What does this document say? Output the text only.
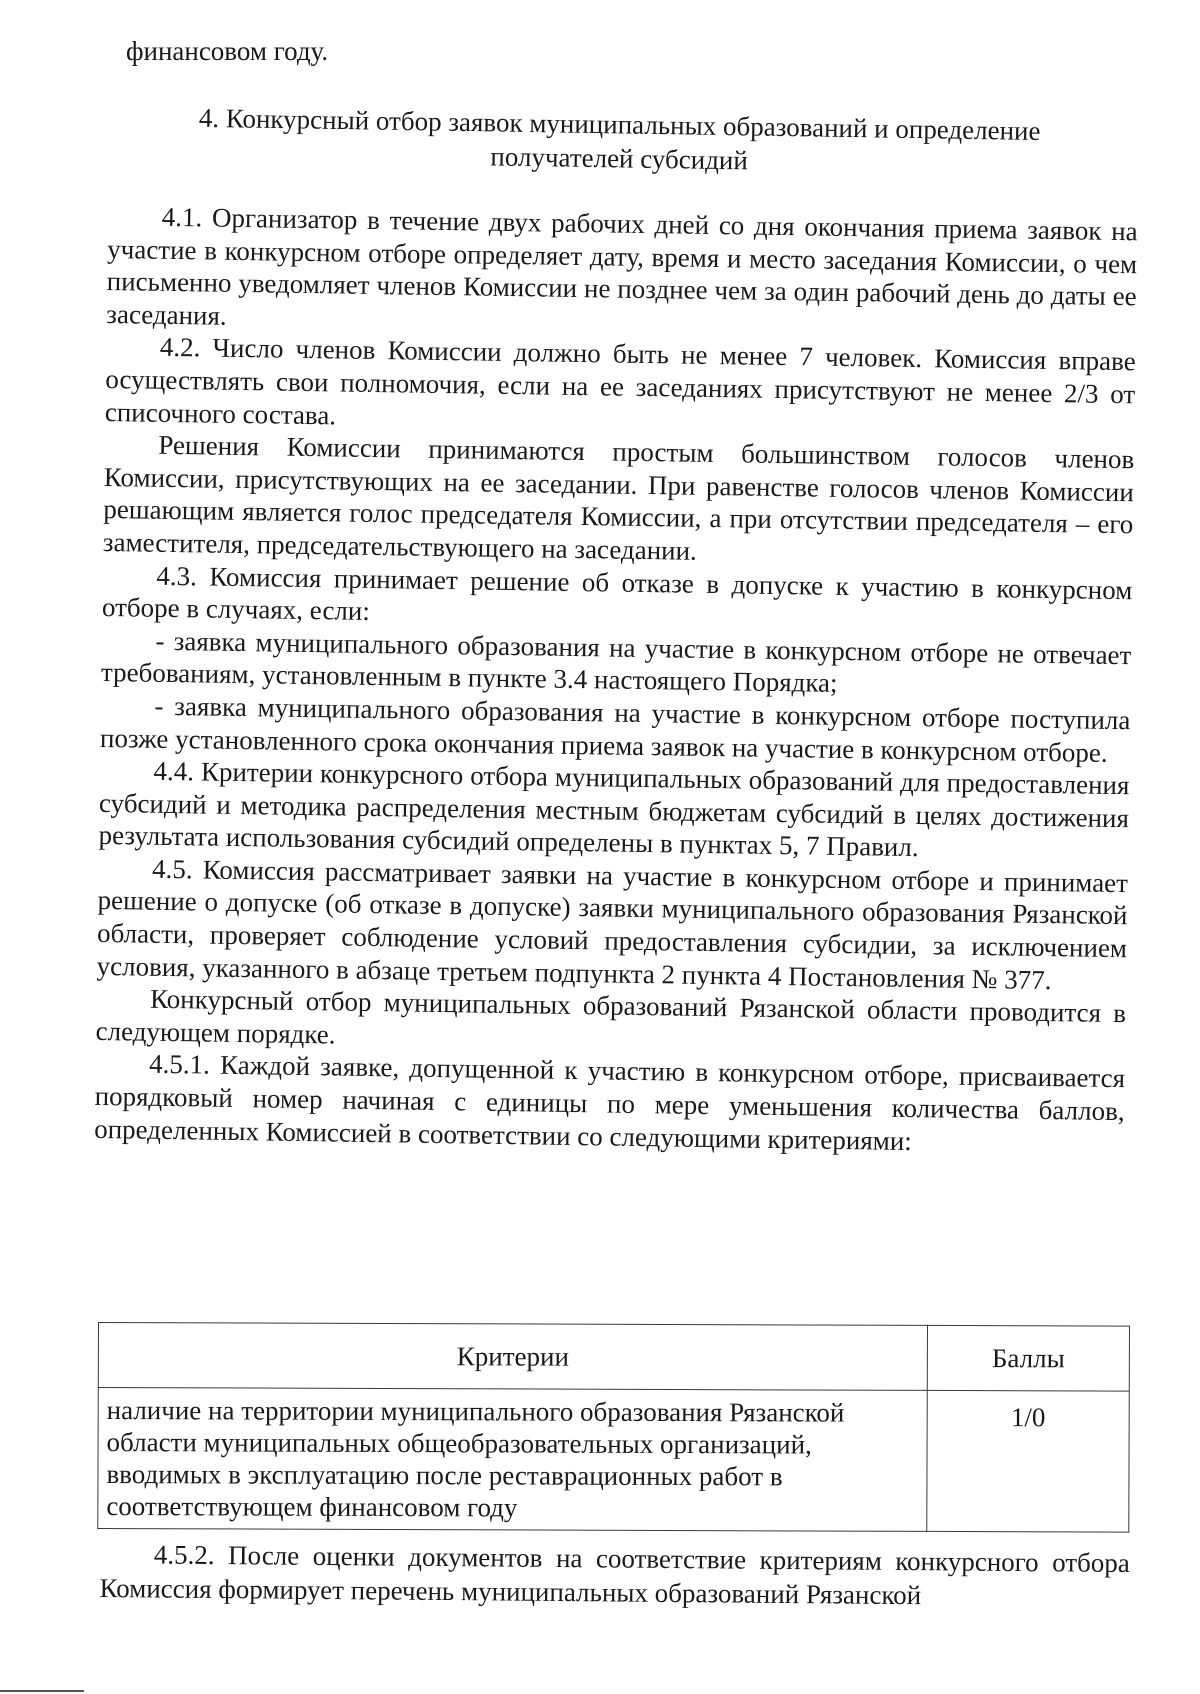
финансовом году.
4. Конкурсный отбор заявок муниципальных образований и определение получателей субсидий

4.1. Организатор в течение двух рабочих дней со дня окончания приема заявок на участие в конкурсном отборе определяет дату, время и место заседания Комиссии, о чем письменно уведомляет членов Комиссии не позднее чем за один рабочий день до даты ее заседания.

4.2. Число членов Комиссии должно быть не менее 7 человек. Комиссия вправе осуществлять свои полномочия, если на ее заседаниях присутствуют не менее 2/3 от списочного состава.

Решения Комиссии принимаются простым большинством голосов членов Комиссии, присутствующих на ее заседании. При равенстве голосов членов Комиссии решающим является голос председателя Комиссии, а при отсутствии председателя – его заместителя, председательствующего на заседании.

4.3. Комиссия принимает решение об отказе в допуске к участию в конкурсном отборе в случаях, если:

- заявка муниципального образования на участие в конкурсном отборе не отвечает требованиям, установленным в пункте 3.4 настоящего Порядка;

- заявка муниципального образования на участие в конкурсном отборе поступила позже установленного срока окончания приема заявок на участие в конкурсном отборе.

4.4. Критерии конкурсного отбора муниципальных образований для предоставления субсидий и методика распределения местным бюджетам субсидий в целях достижения результата использования субсидий определены в пунктах 5, 7 Правил.

4.5. Комиссия рассматривает заявки на участие в конкурсном отборе и принимает решение о допуске (об отказе в допуске) заявки муниципального образования Рязанской области, проверяет соблюдение условий предоставления субсидии, за исключением условия, указанного в абзаце третьем подпункта 2 пункта 4 Постановления № 377.

Конкурсный отбор муниципальных образований Рязанской области проводится в следующем порядке.

4.5.1. Каждой заявке, допущенной к участию в конкурсном отборе, присваивается порядковый номер начиная с единицы по мере уменьшения количества баллов, определенных Комиссией в соответствии со следующими критериями:

Критерии	Баллы
наличие на территории муниципального образования Рязанской области муниципальных общеобразовательных организаций, вводимых в эксплуатацию после реставрационных работ в соответствующем финансовом году	1/0

4.5.2. После оценки документов на соответствие критериям конкурсного отбора Комиссия формирует перечень муниципальных образований Рязанской
